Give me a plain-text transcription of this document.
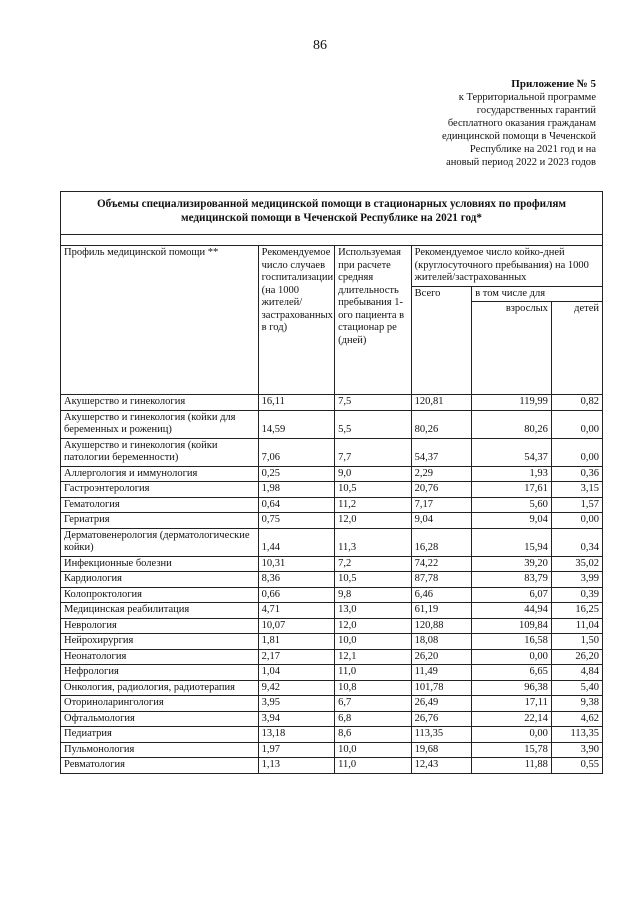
86
Приложение № 5
к Территориальной программе
государственных гарантий
бесплатного оказания гражданам
единцинской помощи в Чеченской
Республике на 2021 год и на
ановый период 2022 и 2023 годов
Объемы специализированной медицинской помощи в стационарных условиях по профилям медицинской помощи в Чеченской Республике на 2021 год*					

Профиль медицинской помощи **	Рекомендуемое число случаев госпитализации (на 1000 жителей/застрахованных в год)	Используемая при расчете средняя длительность пребывания 1-ого пациента в стационар ре (дней)	Рекомендуемое число койко-дней (круглосуточного пребывания) на 1000 жителей/застрахованных		
			Всего	в том числе для	
				взрослых	детей
Акушерство и гинекология	16,11	7,5	120,81	119,99	0,82
Акушерство и гинекология (койки для беременных и рожениц)	14,59	5,5	80,26	80,26	0,00
Акушерство и гинекология (койки патологии беременности)	7,06	7,7	54,37	54,37	0,00
Аллергология и иммунология	0,25	9,0	2,29	1,93	0,36
Гастроэнтерология	1,98	10,5	20,76	17,61	3,15
Гематология	0,64	11,2	7,17	5,60	1,57
Гериатрия	0,75	12,0	9,04	9,04	0,00
Дерматовенерология (дерматологические койки)	1,44	11,3	16,28	15,94	0,34
Инфекционные болезни	10,31	7,2	74,22	39,20	35,02
Кардиология	8,36	10,5	87,78	83,79	3,99
Колопроктология	0,66	9,8	6,46	6,07	0,39
Медицинская реабилитация	4,71	13,0	61,19	44,94	16,25
Неврология	10,07	12,0	120,88	109,84	11,04
Нейрохирургия	1,81	10,0	18,08	16,58	1,50
Неонатология	2,17	12,1	26,20	0,00	26,20
Нефрология	1,04	11,0	11,49	6,65	4,84
Онкология, радиология, радиотерапия	9,42	10,8	101,78	96,38	5,40
Оториноларингология	3,95	6,7	26,49	17,11	9,38
Офтальмология	3,94	6,8	26,76	22,14	4,62
Педиатрия	13,18	8,6	113,35	0,00	113,35
Пульмонология	1,97	10,0	19,68	15,78	3,90
Ревматология	1,13	11,0	12,43	11,88	0,55
